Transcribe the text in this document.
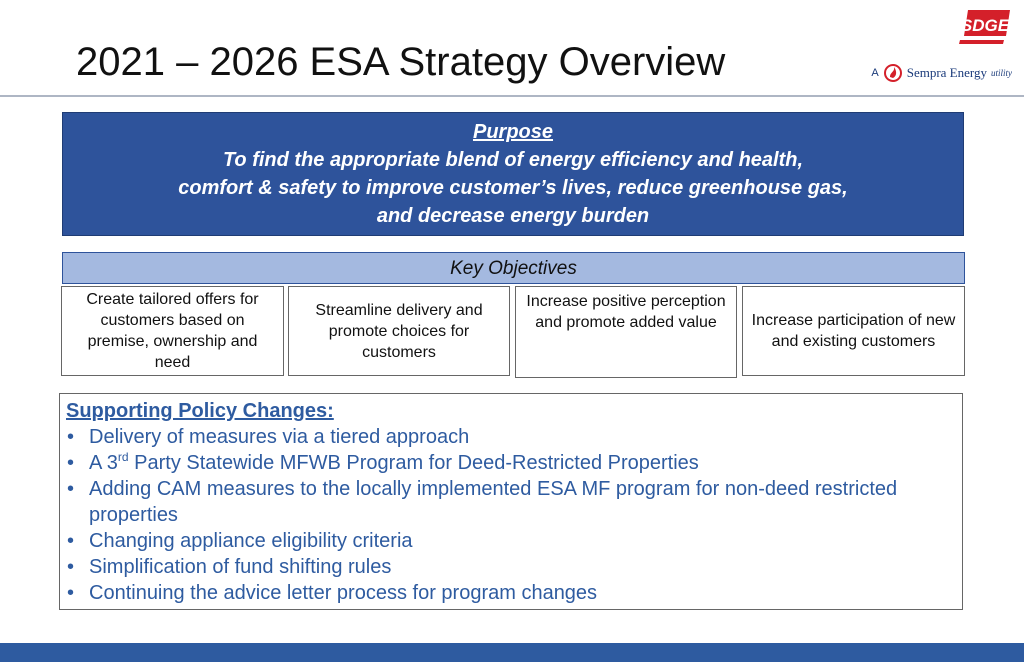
2021 – 2026 ESA Strategy Overview
SDGE
A Sempra Energy utility
Purpose
To find the appropriate blend of energy efficiency and health,
comfort & safety to improve customer’s lives, reduce greenhouse gas,
and decrease energy burden
Key Objectives
Create tailored offers for customers based on premise, ownership and need
Streamline delivery and promote choices for customers
Increase positive perception and promote added value	Increase participation of new and existing customers
Supporting Policy Changes:
• Delivery of measures via a tiered approach
• A 3rd Party Statewide MFWB Program for Deed-Restricted Properties
• Adding CAM measures to the locally implemented ESA MF program for non-deed restricted properties
• Changing appliance eligibility criteria
• Simplification of fund shifting rules
• Continuing the advice letter process for program changes
